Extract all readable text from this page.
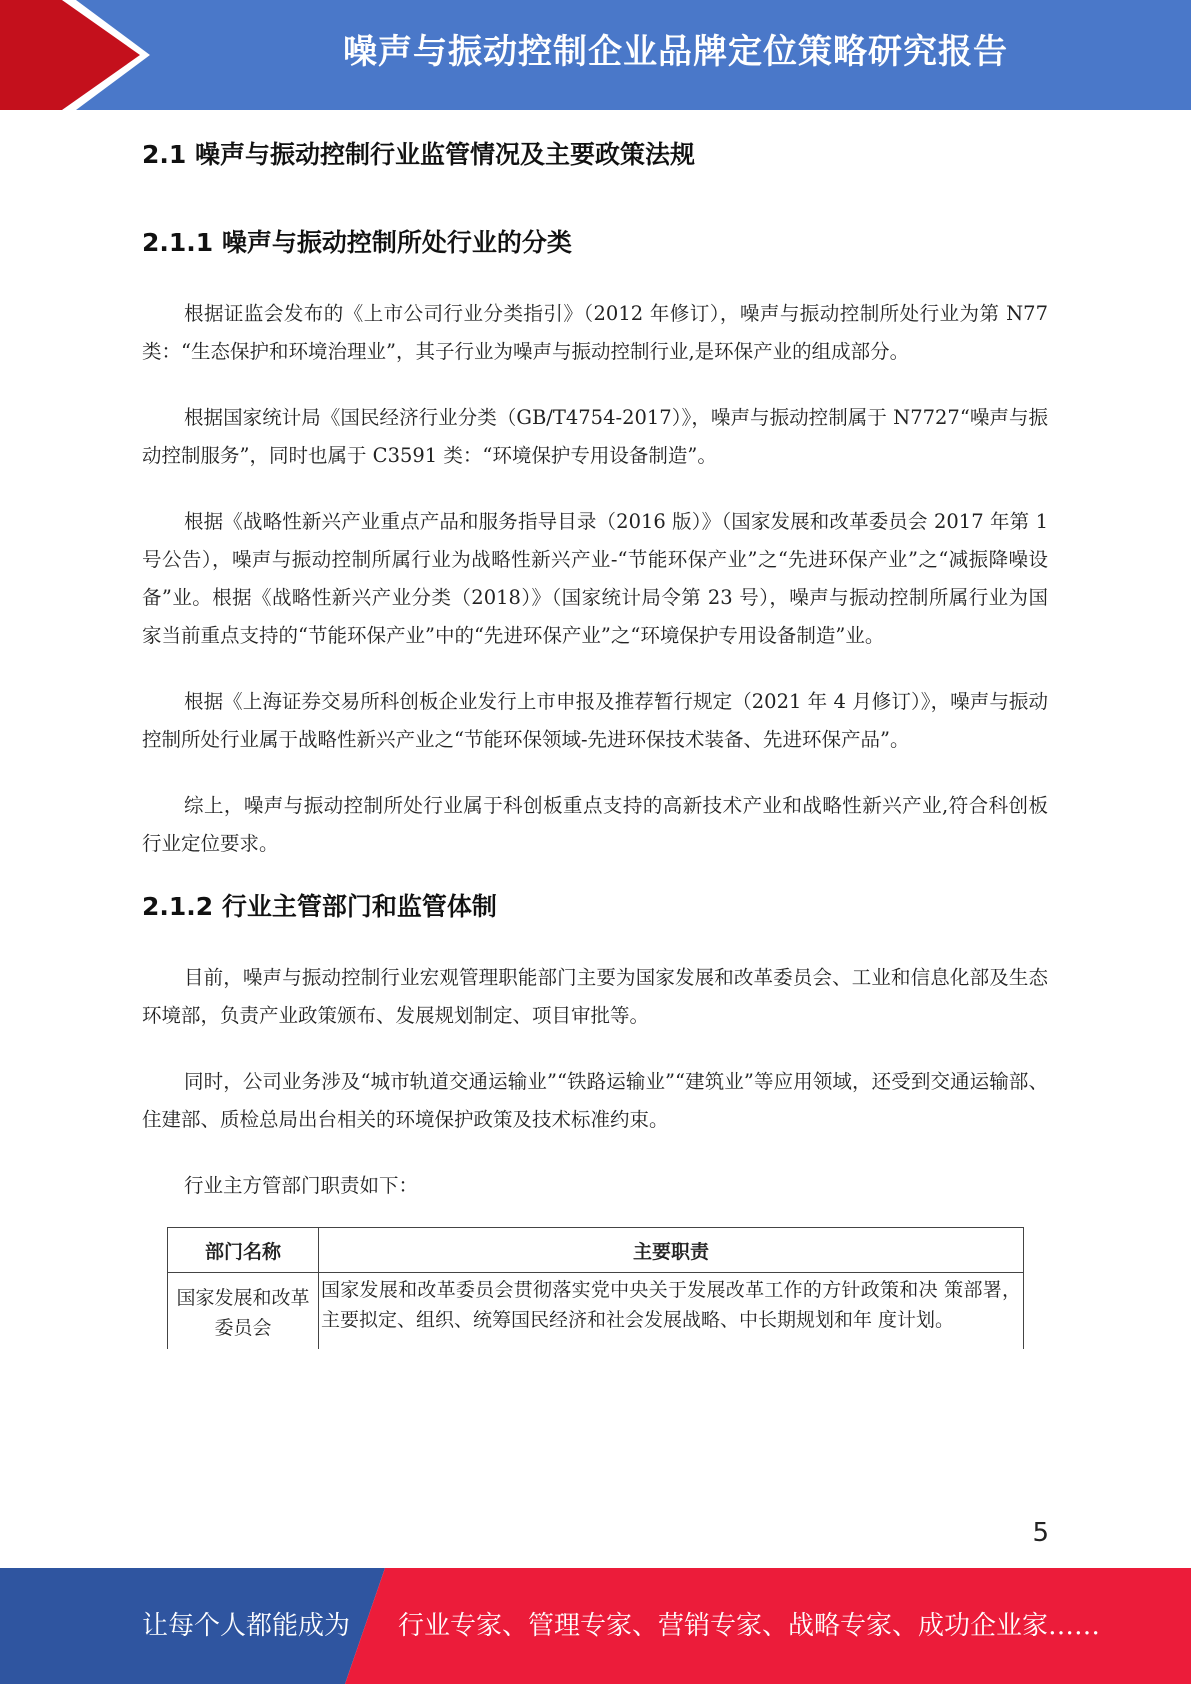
噪声与振动控制企业品牌定位策略研究报告
2.1 噪声与振动控制行业监管情况及主要政策法规
2.1.1 噪声与振动控制所处行业的分类

根据证监会发布的《上市公司行业分类指引》（2012 年修订），噪声与振动控制所处行业为第 N77 类：“生态保护和环境治理业”，其子行业为噪声与振动控制行业,是环保产业的组成部分。

根据国家统计局《国民经济行业分类（GB/T4754-2017）》，噪声与振动控制属于 N7727“噪声与振动控制服务”，同时也属于 C3591 类：“环境保护专用设备制造”。

根据《战略性新兴产业重点产品和服务指导目录（2016 版）》（国家发展和改革委员会 2017 年第 1 号公告），噪声与振动控制所属行业为战略性新兴产业-“节能环保产业”之“先进环保产业”之“减振降噪设备”业。根据《战略性新兴产业分类（2018）》（国家统计局令第 23 号），噪声与振动控制所属行业为国家当前重点支持的“节能环保产业”中的“先进环保产业”之“环境保护专用设备制造”业。

根据《上海证券交易所科创板企业发行上市申报及推荐暂行规定（2021 年 4 月修订）》，噪声与振动控制所处行业属于战略性新兴产业之“节能环保领域-先进环保技术装备、先进环保产品”。

综上，噪声与振动控制所处行业属于科创板重点支持的高新技术产业和战略性新兴产业,符合科创板行业定位要求。

2.1.2 行业主管部门和监管体制

目前，噪声与振动控制行业宏观管理职能部门主要为国家发展和改革委员会、工业和信息化部及生态环境部，负责产业政策颁布、发展规划制定、项目审批等。

同时，公司业务涉及“城市轨道交通运输业”“铁路运输业”“建筑业”等应用领域，还受到交通运输部、住建部、质检总局出台相关的环境保护政策及技术标准约束。

行业主方管部门职责如下：

部门名称	主要职责
国家发展和改革委员会	国家发展和改革委员会贯彻落实党中央关于发展改革工作的方针政策和决 策部署，主要拟定、组织、统筹国民经济和社会发展战略、中长期规划和年 度计划。
5
让每个人都能成为 行业专家、管理专家、营销专家、战略专家、成功企业家……
